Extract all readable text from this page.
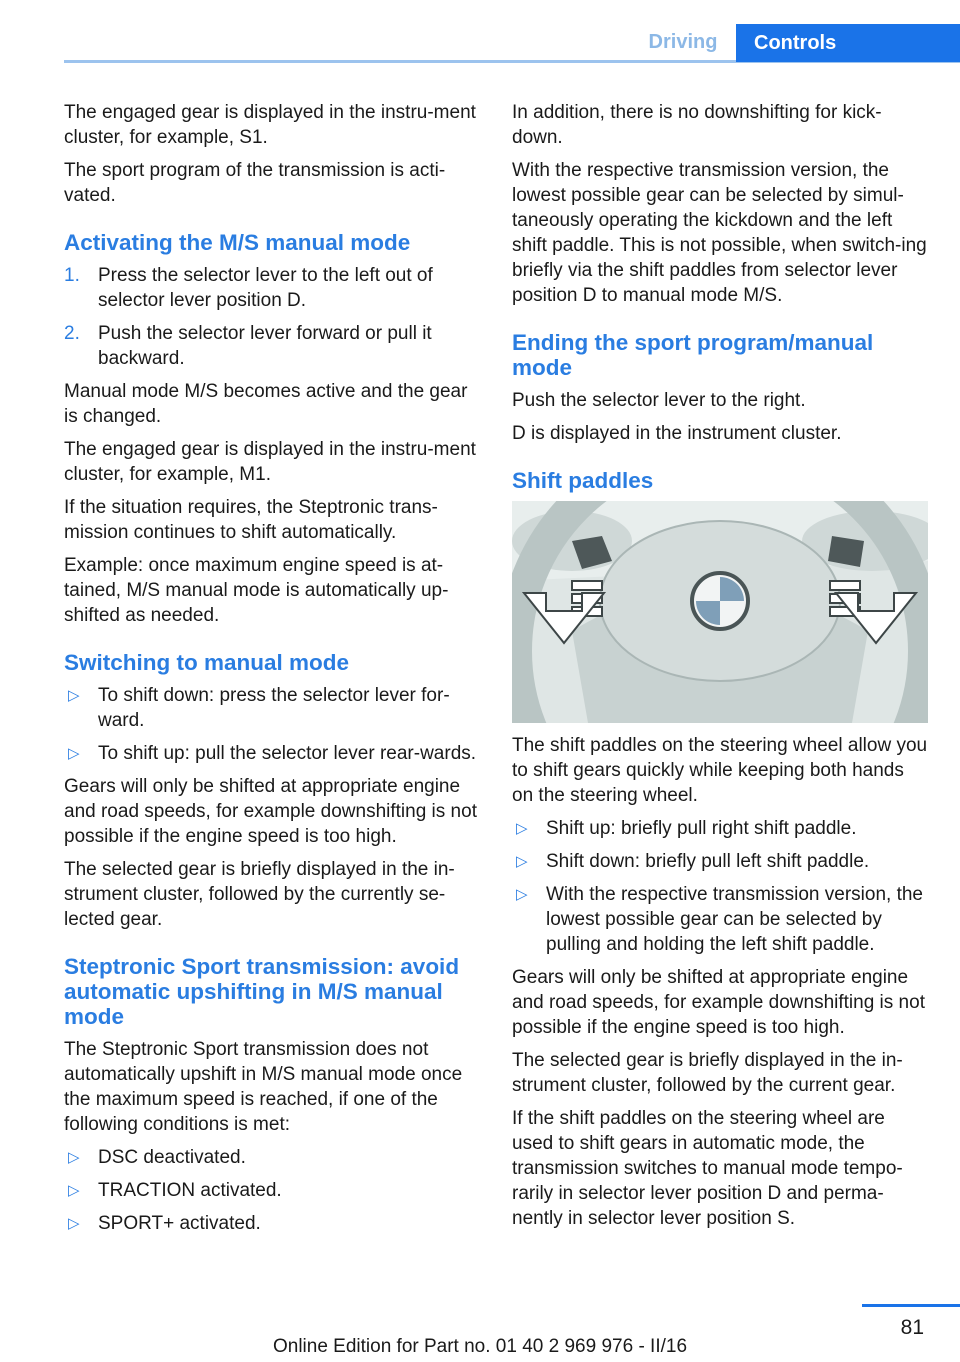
Driving	Controls

The engaged gear is displayed in the instru-ment cluster, for example, S1.

The sport program of the transmission is acti-vated.

Activating the M/S manual mode
1. Press the selector lever to the left out of selector lever position D.
2. Push the selector lever forward or pull it backward.

Manual mode M/S becomes active and the gear is changed.

The engaged gear is displayed in the instru-ment cluster, for example, M1.

If the situation requires, the Steptronic trans-mission continues to shift automatically.

Example: once maximum engine speed is at-tained, M/S manual mode is automatically up-shifted as needed.

Switching to manual mode
▷ To shift down: press the selector lever for-ward.
▷ To shift up: pull the selector lever rear-wards.

Gears will only be shifted at appropriate engine and road speeds, for example downshifting is not possible if the engine speed is too high.

The selected gear is briefly displayed in the in-strument cluster, followed by the currently se-lected gear.

Steptronic Sport transmission: avoid automatic upshifting in M/S manual mode

The Steptronic Sport transmission does not automatically upshift in M/S manual mode once the maximum speed is reached, if one of the following conditions is met:

▷ DSC deactivated.
▷ TRACTION activated.
▷ SPORT+ activated.

In addition, there is no downshifting for kick-down.

With the respective transmission version, the lowest possible gear can be selected by simul-taneously operating the kickdown and the left shift paddle. This is not possible, when switch-ing briefly via the shift paddles from selector lever position D to manual mode M/S.

Ending the sport program/manual mode

Push the selector lever to the right.

D is displayed in the instrument cluster.

Shift paddles

The shift paddles on the steering wheel allow you to shift gears quickly while keeping both hands on the steering wheel.

▷ Shift up: briefly pull right shift paddle.
▷ Shift down: briefly pull left shift paddle.
▷ With the respective transmission version, the lowest possible gear can be selected by pulling and holding the left shift paddle.

Gears will only be shifted at appropriate engine and road speeds, for example downshifting is not possible if the engine speed is too high.

The selected gear is briefly displayed in the in-strument cluster, followed by the current gear.

If the shift paddles on the steering wheel are used to shift gears in automatic mode, the transmission switches to manual mode tempo-rarily in selector lever position D and perma-nently in selector lever position S.

81
Online Edition for Part no. 01 40 2 969 976 - II/16
